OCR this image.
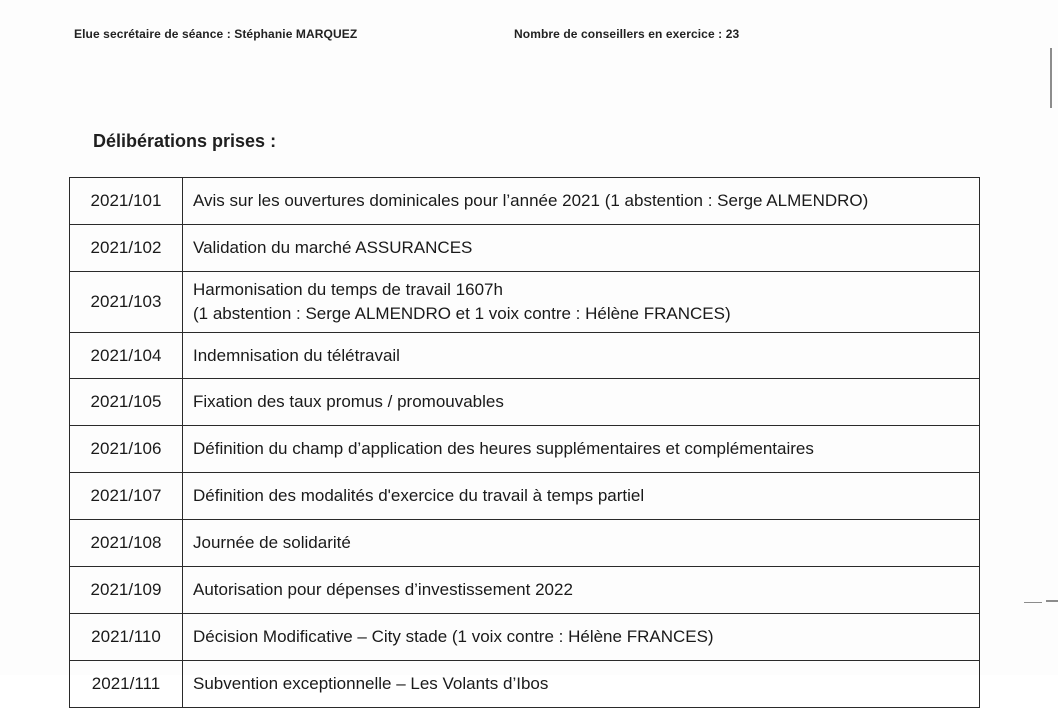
Elue secrétaire de séance : Stéphanie MARQUEZ	Nombre de conseillers en exercice : 23
Délibérations prises :
2021/101	Avis sur les ouvertures dominicales pour l’année 2021 (1 abstention : Serge ALMENDRO)
2021/102	Validation du marché ASSURANCES
2021/103	Harmonisation du temps de travail 1607h
(1 abstention : Serge ALMENDRO et 1 voix contre : Hélène FRANCES)

2021/104	Indemnisation du télétravail
2021/105	Fixation des taux promus / promouvables
2021/106	Définition du champ d’application des heures supplémentaires et complémentaires
2021/107	Définition des modalités d'exercice du travail à temps partiel
2021/108	Journée de solidarité
2021/109	Autorisation pour dépenses d’investissement 2022
2021/110	Décision Modificative – City stade (1 voix contre : Hélène FRANCES)
2021/111	Subvention exceptionnelle – Les Volants d’Ibos
